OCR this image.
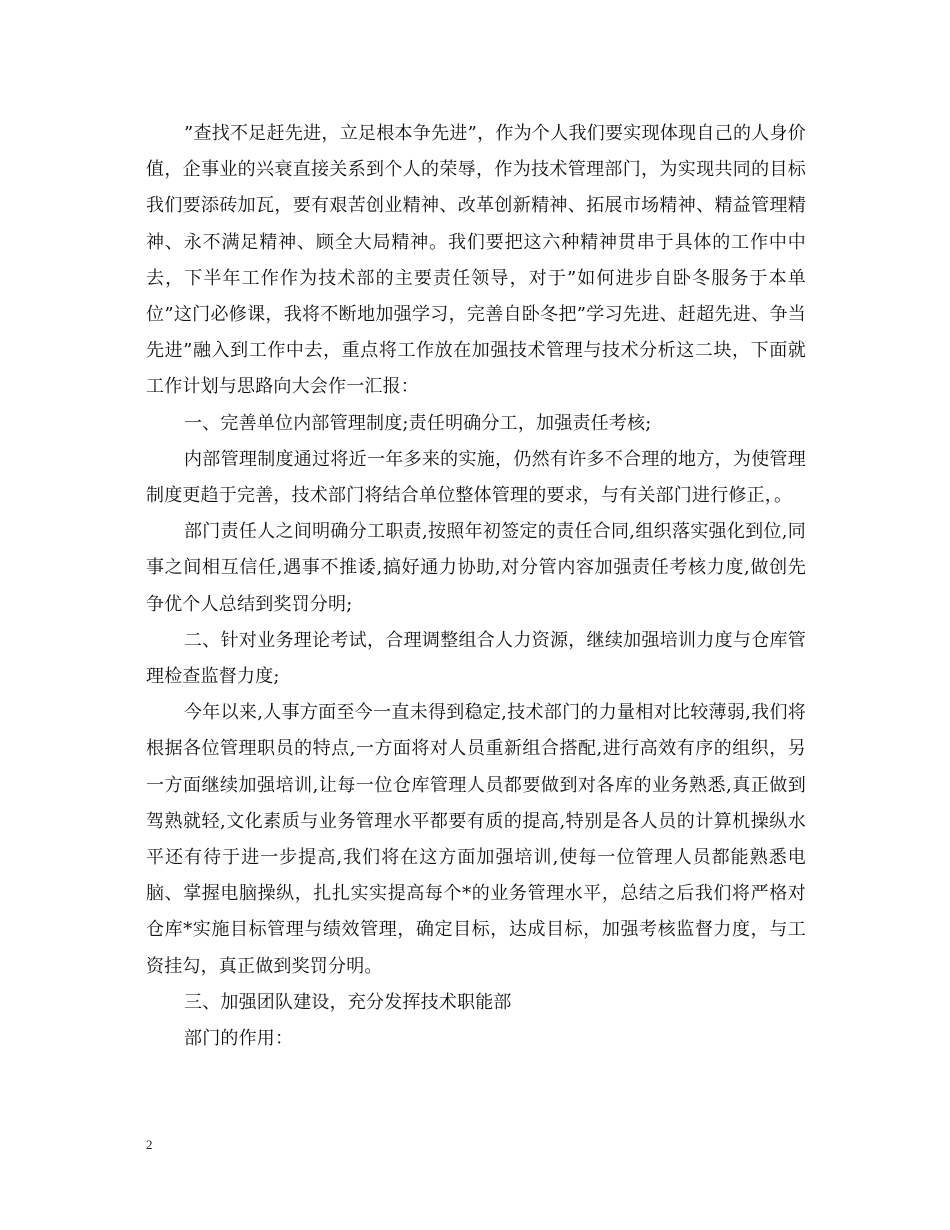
”查找不足赶先进，立足根本争先进”，作为个人我们要实现体现自己的人身价值，企事业的兴衰直接关系到个人的荣辱，作为技术管理部门，为实现共同的目标我们要添砖加瓦，要有艰苦创业精神、改革创新精神、拓展市场精神、精益管理精神、永不满足精神、顾全大局精神。我们要把这六种精神贯串于具体的工作中中去，下半年工作作为技术部的主要责任领导，对于”如何进步自卧冬服务于本单位”这门必修课，我将不断地加强学习，完善自卧冬把”学习先进、赶超先进、争当先进”融入到工作中去，重点将工作放在加强技术管理与技术分析这二块，下面就工作计划与思路向大会作一汇报：

一、完善单位内部管理制度;责任明确分工，加强责任考核;

内部管理制度通过将近一年多来的实施，仍然有许多不合理的地方，为使管理制度更趋于完善，技术部门将结合单位整体管理的要求，与有关部门进行修正，。

部门责任人之间明确分工职责,按照年初签定的责任合同,组织落实强化到位,同事之间相互信任,遇事不推诿,搞好通力协助,对分管内容加强责任考核力度,做创先争优个人总结到奖罚分明;

二、针对业务理论考试，合理调整组合人力资源，继续加强培训力度与仓库管理检查监督力度;

今年以来,人事方面至今一直未得到稳定,技术部门的力量相对比较薄弱,我们将根据各位管理职员的特点,一方面将对人员重新组合搭配,进行高效有序的组织，另一方面继续加强培训,让每一位仓库管理人员都要做到对各库的业务熟悉,真正做到驾熟就轻,文化素质与业务管理水平都要有质的提高,特别是各人员的计算机操纵水平还有待于进一步提高,我们将在这方面加强培训,使每一位管理人员都能熟悉电脑、掌握电脑操纵，扎扎实实提高每个*的业务管理水平，总结之后我们将严格对仓库*实施目标管理与绩效管理，确定目标，达成目标，加强考核监督力度，与工资挂勾，真正做到奖罚分明。

三、加强团队建设，充分发挥技术职能部

部门的作用：

2
